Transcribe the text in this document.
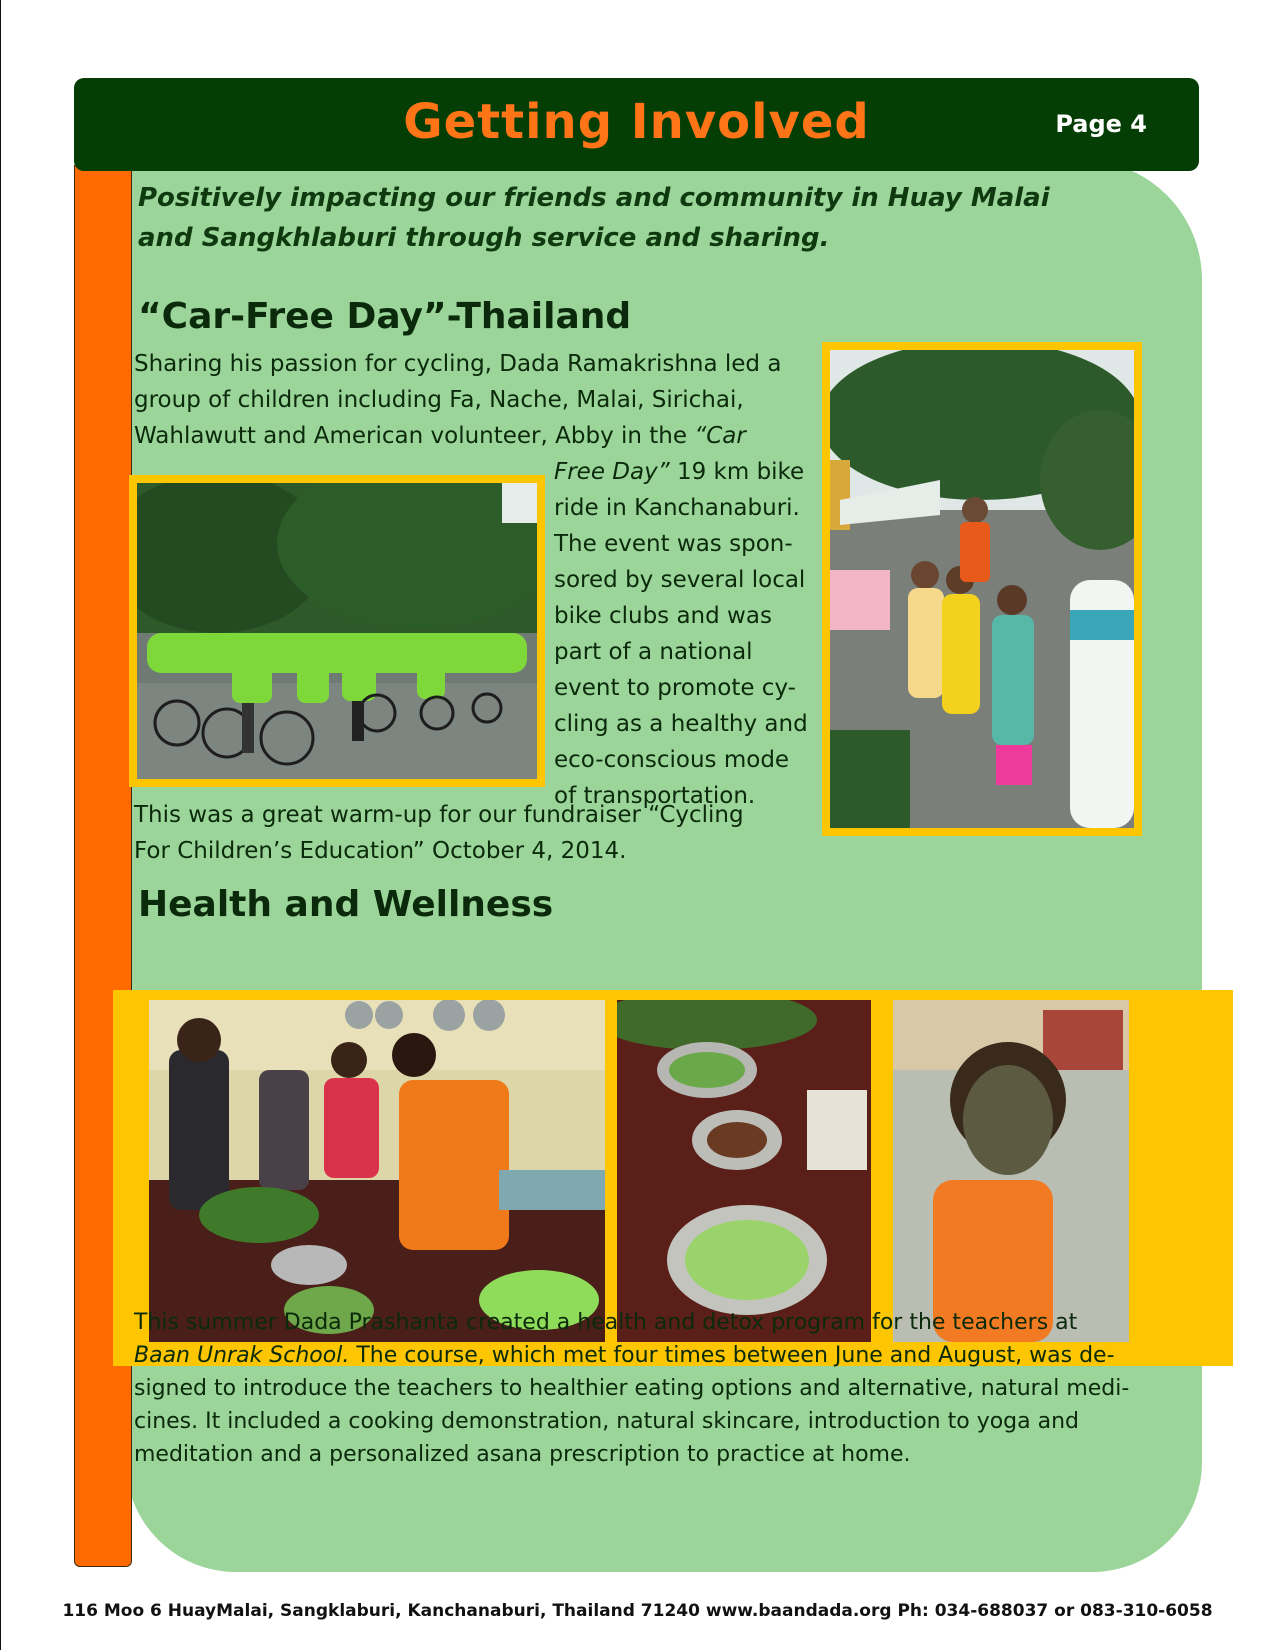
Getting Involved	Page 4
Positively impacting our friends and community in Huay Malai and Sangkhlaburi through service and sharing.
“Car-Free Day”-Thailand
Sharing his passion for cycling, Dada Ramakrishna led a
group of children including Fa, Nache, Malai, Sirichai,
Wahlawutt and American volunteer, Abby in the “Car
Free Day” 19 km bike
ride in Kanchanaburi.
The event was spon-
sored by several local
bike clubs and was
part of a national
event to promote cy-
cling as a healthy and
eco-conscious mode
of transportation.
This was a great warm-up for our fundraiser “Cycling
For Children’s Education” October 4, 2014.
Health and Wellness
This summer Dada Prashanta created a health and detox program for the teachers at
Baan Unrak School. The course, which met four times between June and August, was de-
signed to introduce the teachers to healthier eating options and alternative, natural medi-
cines. It included a cooking demonstration, natural skincare, introduction to yoga and
meditation and a personalized asana prescription to practice at home.
116 Moo 6 HuayMalai, Sangklaburi, Kanchanaburi, Thailand 71240 www.baandada.org Ph: 034-688037 or 083-310-6058
